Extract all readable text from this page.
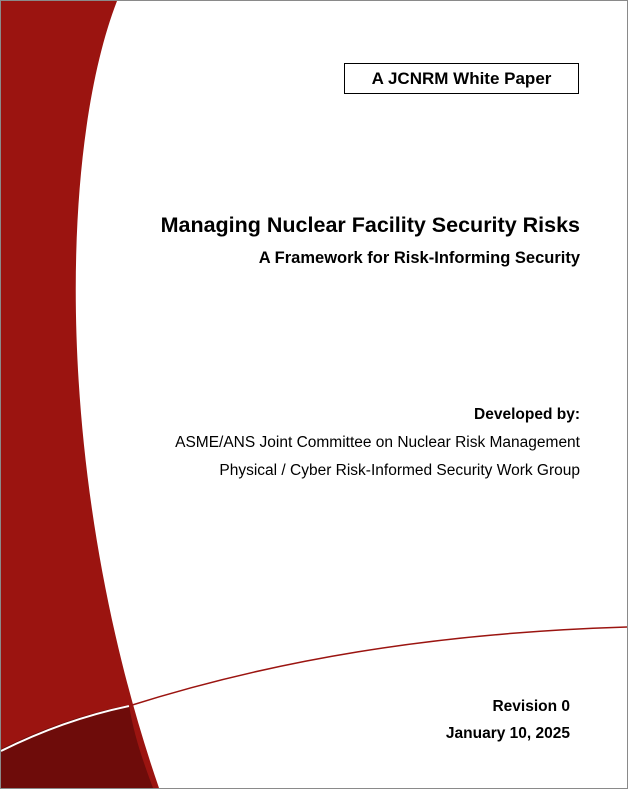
A JCNRM White Paper
Managing Nuclear Facility Security Risks
A Framework for Risk-Informing Security
Developed by:
ASME/ANS Joint Committee on Nuclear Risk Management
Physical / Cyber Risk-Informed Security Work Group
Revision 0
January 10, 2025
